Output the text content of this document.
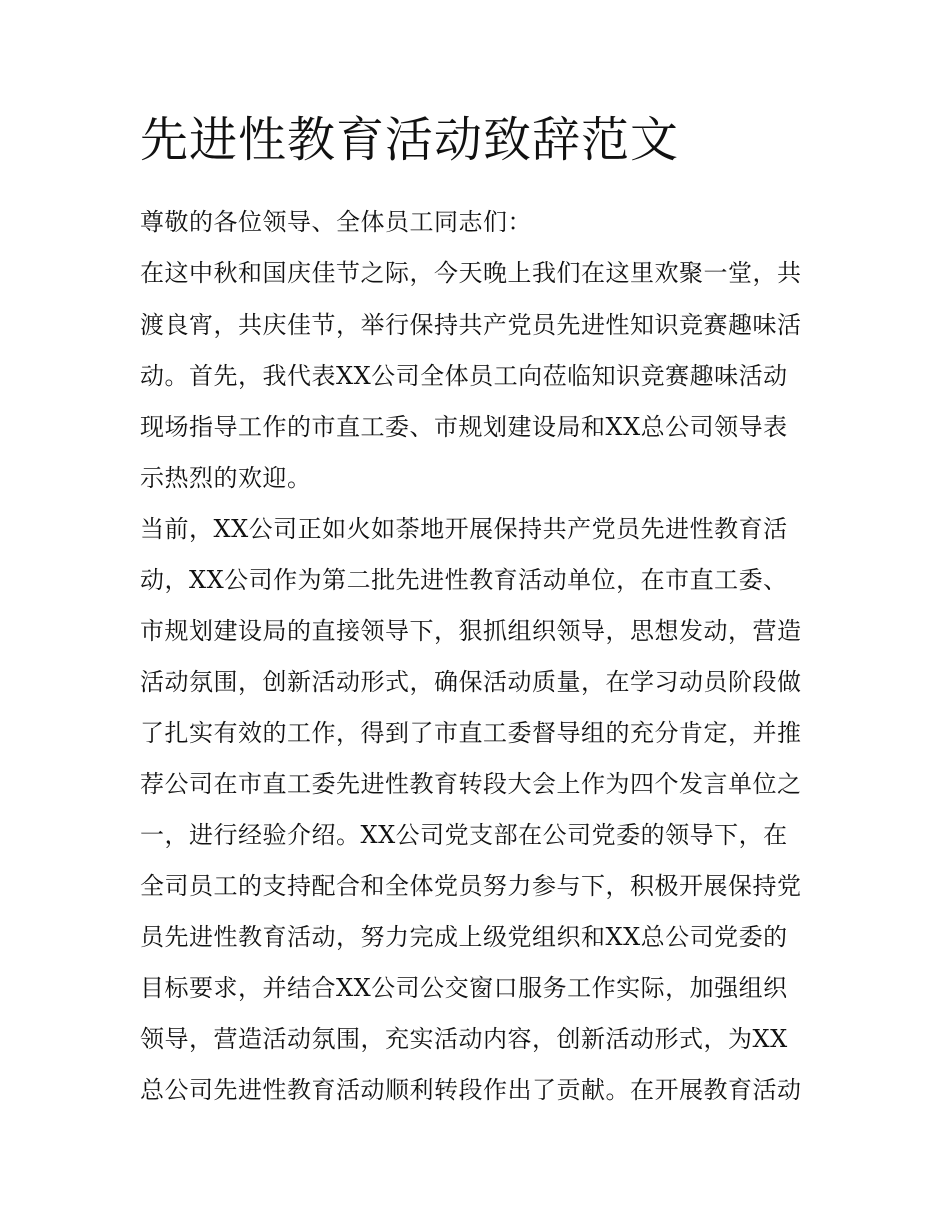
先进性教育活动致辞范文
尊敬的各位领导、全体员工同志们：
在这中秋和国庆佳节之际，今天晚上我们在这里欢聚一堂，共
渡良宵，共庆佳节，举行保持共产党员先进性知识竞赛趣味活
动。首先，我代表XX公司全体员工向莅临知识竞赛趣味活动
现场指导工作的市直工委、市规划建设局和XX总公司领导表
示热烈的欢迎。
当前，XX公司正如火如荼地开展保持共产党员先进性教育活
动，XX公司作为第二批先进性教育活动单位，在市直工委、
市规划建设局的直接领导下，狠抓组织领导，思想发动，营造
活动氛围，创新活动形式，确保活动质量，在学习动员阶段做
了扎实有效的工作，得到了市直工委督导组的充分肯定，并推
荐公司在市直工委先进性教育转段大会上作为四个发言单位之
一，进行经验介绍。XX公司党支部在公司党委的领导下，在
全司员工的支持配合和全体党员努力参与下，积极开展保持党
员先进性教育活动，努力完成上级党组织和XX总公司党委的
目标要求，并结合XX公司公交窗口服务工作实际，加强组织
领导，营造活动氛围，充实活动内容，创新活动形式，为XX
总公司先进性教育活动顺利转段作出了贡献。在开展教育活动
